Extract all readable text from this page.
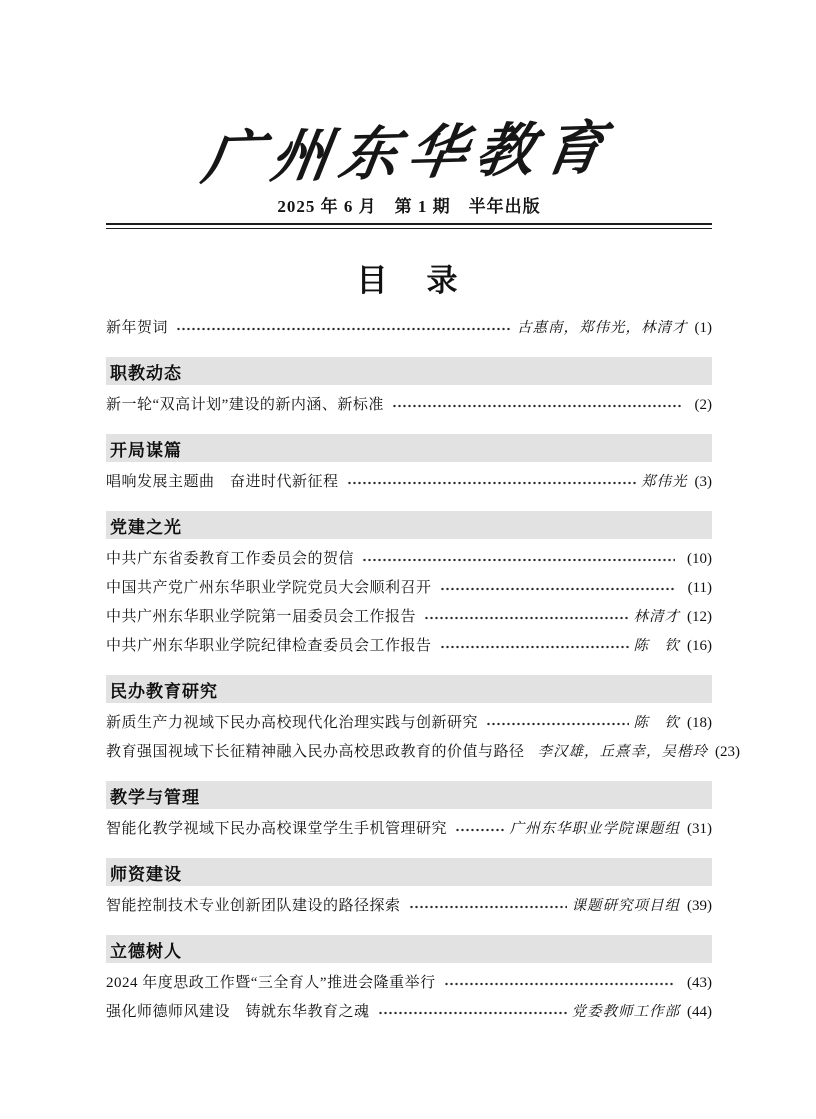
广州东华教育
2025 年 6 月　第 1 期　半年出版
目　录
新年贺词	古惠南，郑伟光，林清才 (1)
职教动态
新一轮“双高计划”建设的新内涵、新标准	(2)
开局谋篇
唱响发展主题曲　奋进时代新征程	郑伟光 (3)
党建之光
中共广东省委教育工作委员会的贺信	(10)
中国共产党广州东华职业学院党员大会顺利召开	(11)
中共广州东华职业学院第一届委员会工作报告	林清才 (12)
中共广州东华职业学院纪律检查委员会工作报告	陈　钦 (16)
民办教育研究
新质生产力视域下民办高校现代化治理实践与创新研究	陈　钦 (18)
教育强国视域下长征精神融入民办高校思政教育的价值与路径 李汉雄，丘熹幸，吴楷玲 (23)
教学与管理
智能化教学视域下民办高校课堂学生手机管理研究	广州东华职业学院课题组 (31)
师资建设
智能控制技术专业创新团队建设的路径探索	课题研究项目组 (39)
立德树人
2024 年度思政工作暨“三全育人”推进会隆重举行	(43)
强化师德师风建设　铸就东华教育之魂	党委教师工作部 (44)
